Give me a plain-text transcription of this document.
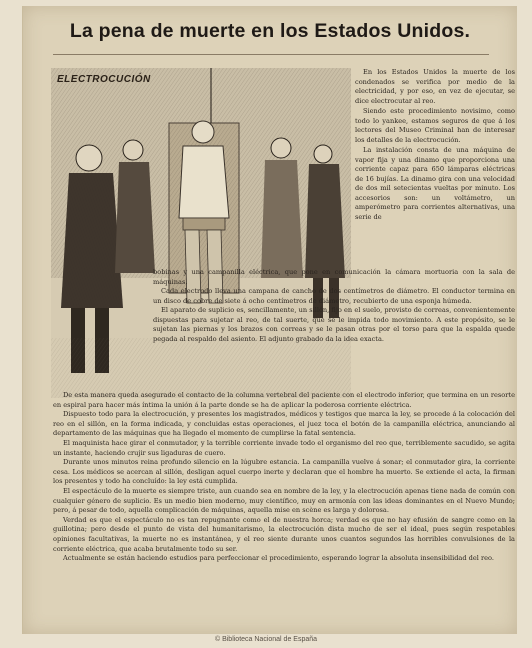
La pena de muerte en los Estados Unidos.
ELECTROCUCIÓN

En los Estados Unidos la muerte de los condenados se verifica por medio de la electricidad, y por eso, en vez de ejecutar, se dice electrocutar al reo.

Siendo este procedimiento novisimo, como todo lo yankee, estamos seguros de que á los lectores del Museo Criminal han de interesar los detalles de la electrocución.

La instalación consta de una máquina de vapor fija y una dinamo que proporciona una corriente capaz para 650 lámparas eléctricas de 16 bujías. La dinamo gira con una velocidad de dos mil setecientas vueltas por minuto. Los accesorios son: un voltámetro, un amperómetro para corrientes alternativas, una serie de

bobinas y una campanilla eléctrica, que pone en comunicación la cámara mortuoria con la sala de máquinas.

Cada electrodo lleva una campana de cancho de dos centímetros de diámetro. El conductor termina en un disco de cobre de siete á ocho centímetros de diámetro, recubierto de una esponja húmeda.

El aparato de suplicio es, sencillamente, un sillón, fijo en el suelo, provisto de correas, convenientemente dispuestas para sujetar al reo, de tal suerte, que se le impida todo movimiento. A este propósito, se le sujetan las piernas y los brazos con correas y se le pasan otras por el torso para que la espalda quede pegada al respaldo del asiento. El adjunto grabado da la idea exacta.

De esta manera queda asegurado el contacto de la columna vertebral del paciente con el electrodo inferior, que termina en un resorte en espiral para hacer más íntima la unión á la parte donde se ha de aplicar la poderosa corriente eléctrica.

Dispuesto todo para la electrocución, y presentes los magistrados, médicos y testigos que marca la ley, se procede á la colocación del reo en el sillón, en la forma indicada, y concluidas estas operaciones, el juez toca el botón de la campanilla eléctrica, anunciando al departamento de las máquinas que ha llegado el momento de cumplirse la fatal sentencia.

El maquinista hace girar el conmutador, y la terrible corriente invade todo el organismo del reo que, terriblemente sacudido, se agita un instante, haciendo crujir sus ligaduras de cuero.

Durante unos minutos reina profundo silencio en la lúgubre estancia. La campanilla vuelve á sonar; el conmutador gira, la corriente cesa. Los médicos se acercan al sillón, desligan aquel cuerpo inerte y declaran que el hombre ha muerto. Se extiende el acta, la firman los presentes y todo ha concluído: la ley está cumplida.

El espectáculo de la muerte es siempre triste, aun cuando sea en nombre de la ley, y la electrocución apenas tiene nada de común con cualquier género de suplicio. Es un medio bien moderno, muy científico, muy en armonía con las ideas dominantes en el Nuevo Mundo; pero, á pesar de todo, aquella complicación de máquinas, aquella mise en scène es larga y dolorosa.

Verdad es que el espectáculo no es tan repugnante como el de nuestra horca; verdad es que no hay efusión de sangre como en la guillotina; pero desde el punto de vista del humanitarismo, la electrocución dista mucho de ser el ideal, pues según respetables opiniones facultativas, la muerte no es instantánea, y el reo siente durante unos cuantos segundos las horribles convulsiones de la corriente eléctrica, que acaba brutalmente todo su ser.

Actualmente se están haciendo estudios para perfeccionar el procedimiento, esperando lograr la absoluta insensibilidad del reo.

© Biblioteca Nacional de España
